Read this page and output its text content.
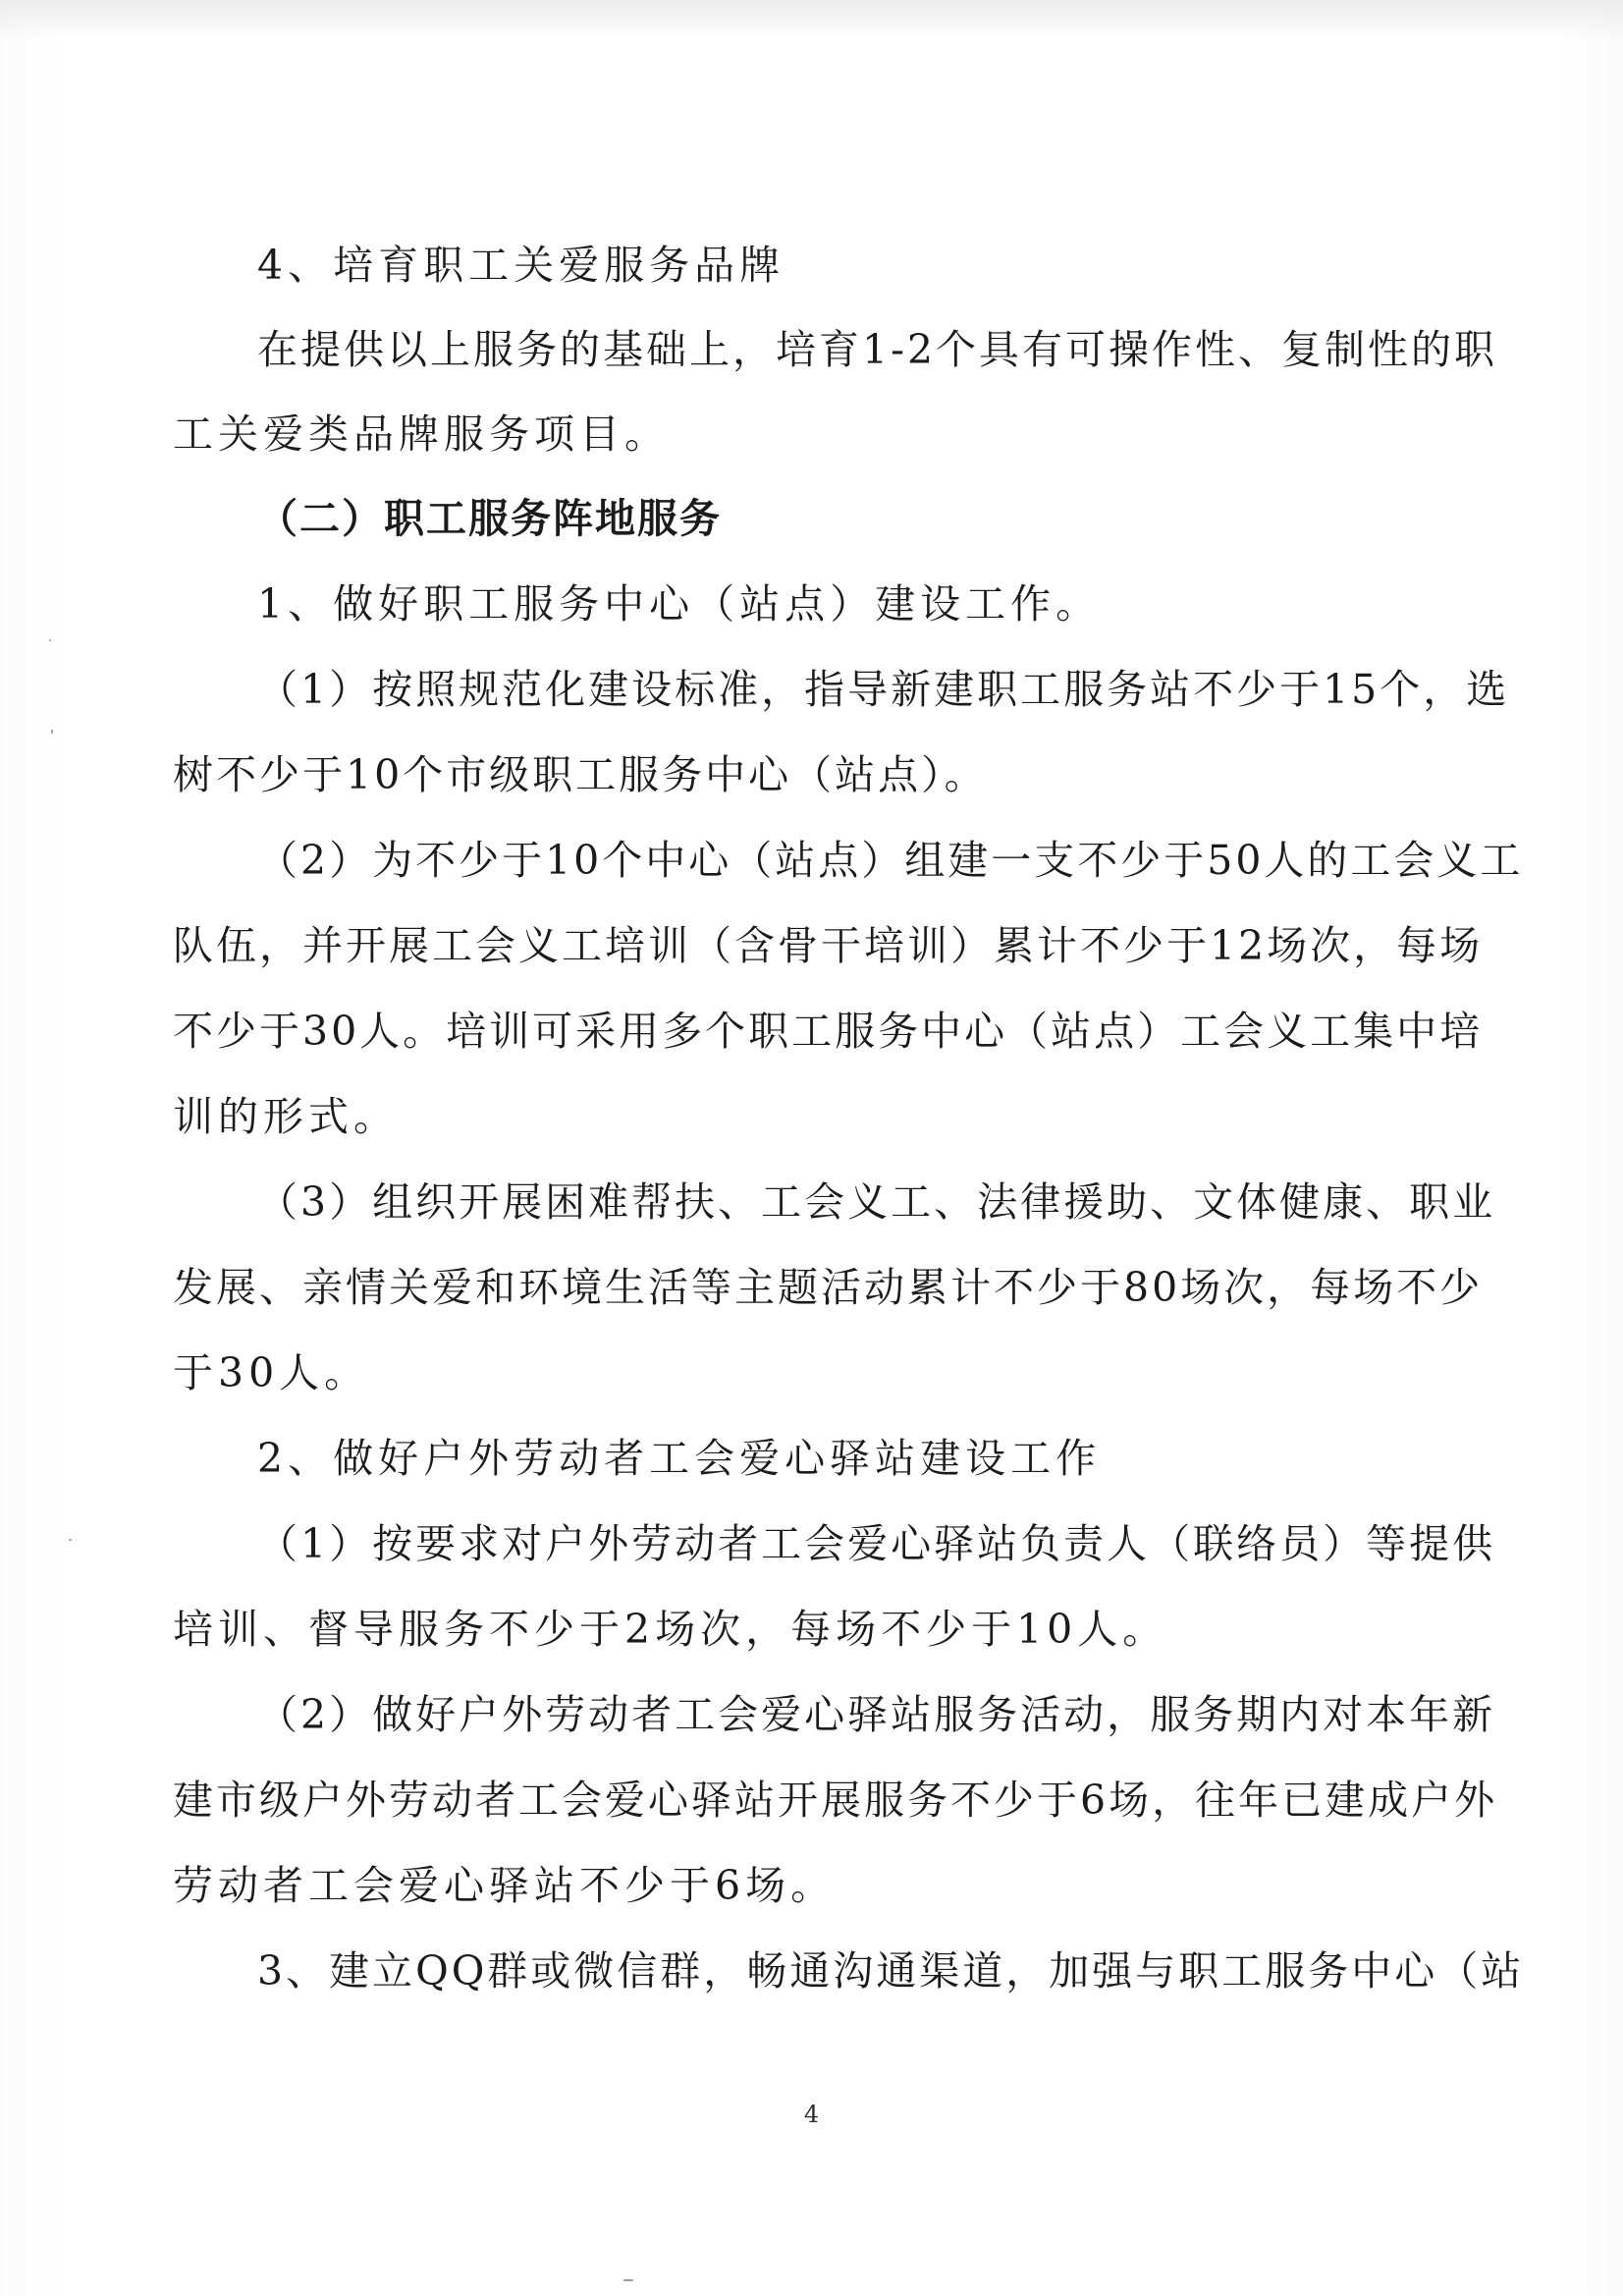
4、培育职工关爱服务品牌

在提供以上服务的基础上，培育1-2个具有可操作性、复制性的职

工关爱类品牌服务项目。

（二）职工服务阵地服务

1、做好职工服务中心（站点）建设工作。

（1）按照规范化建设标准，指导新建职工服务站不少于15个，选

树不少于10个市级职工服务中心（站点）。

（2）为不少于10个中心（站点）组建一支不少于50人的工会义工

队伍，并开展工会义工培训（含骨干培训）累计不少于12场次，每场

不少于30人。培训可采用多个职工服务中心（站点）工会义工集中培

训的形式。

（3）组织开展困难帮扶、工会义工、法律援助、文体健康、职业

发展、亲情关爱和环境生活等主题活动累计不少于80场次，每场不少

于30人。

2、做好户外劳动者工会爱心驿站建设工作

（1）按要求对户外劳动者工会爱心驿站负责人（联络员）等提供

培训、督导服务不少于2场次，每场不少于10人。

（2）做好户外劳动者工会爱心驿站服务活动，服务期内对本年新

建市级户外劳动者工会爱心驿站开展服务不少于6场，往年已建成户外

劳动者工会爱心驿站不少于6场。

3、建立QQ群或微信群，畅通沟通渠道，加强与职工服务中心（站

4
